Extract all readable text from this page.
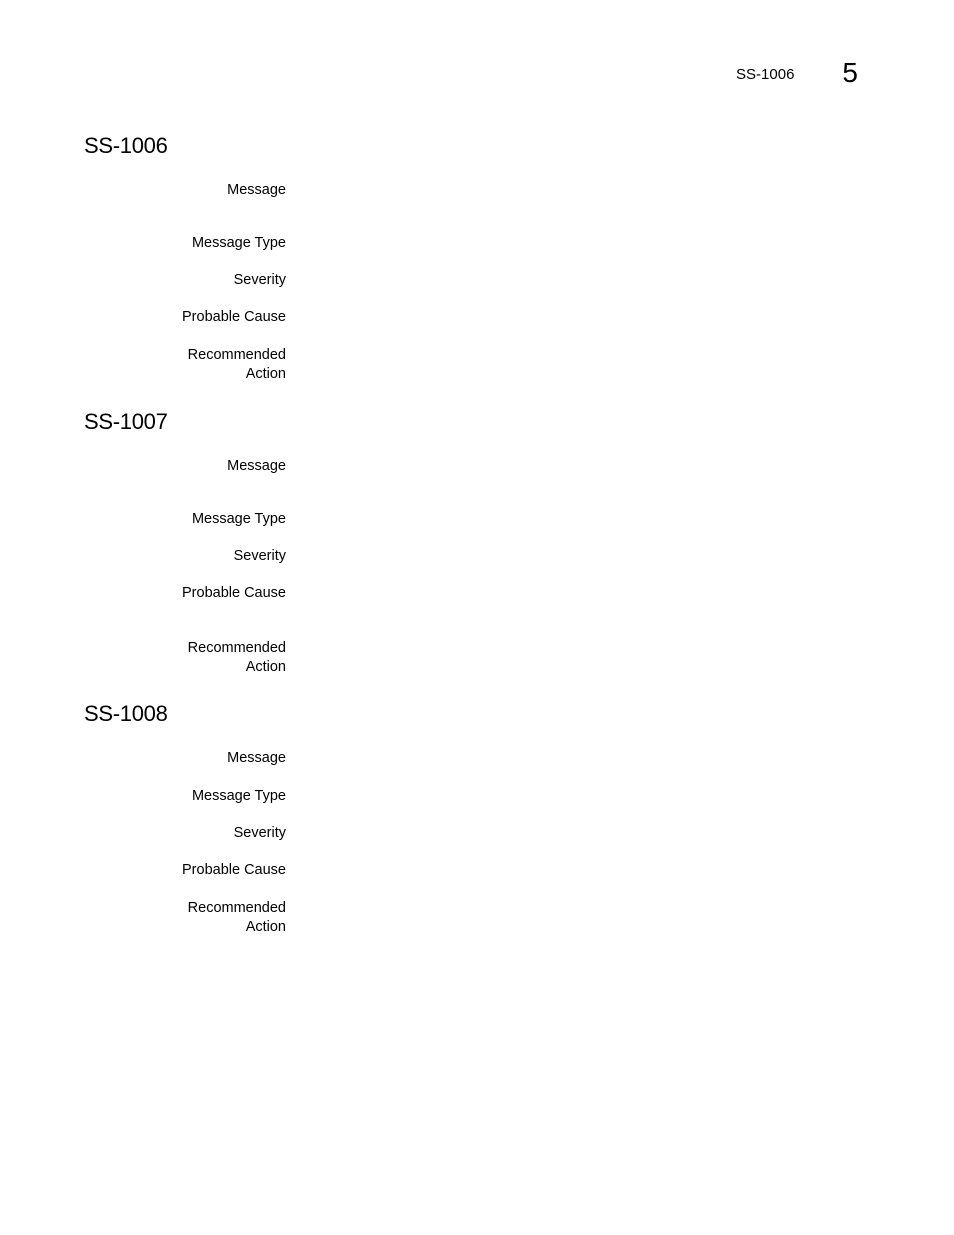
SS-1006 5
SS-1006
Message
Message Type
Severity
Probable Cause
Recommended
Action
SS-1007
Message
Message Type
Severity
Probable Cause
Recommended
Action
SS-1008
Message
Message Type
Severity
Probable Cause
Recommended
Action
